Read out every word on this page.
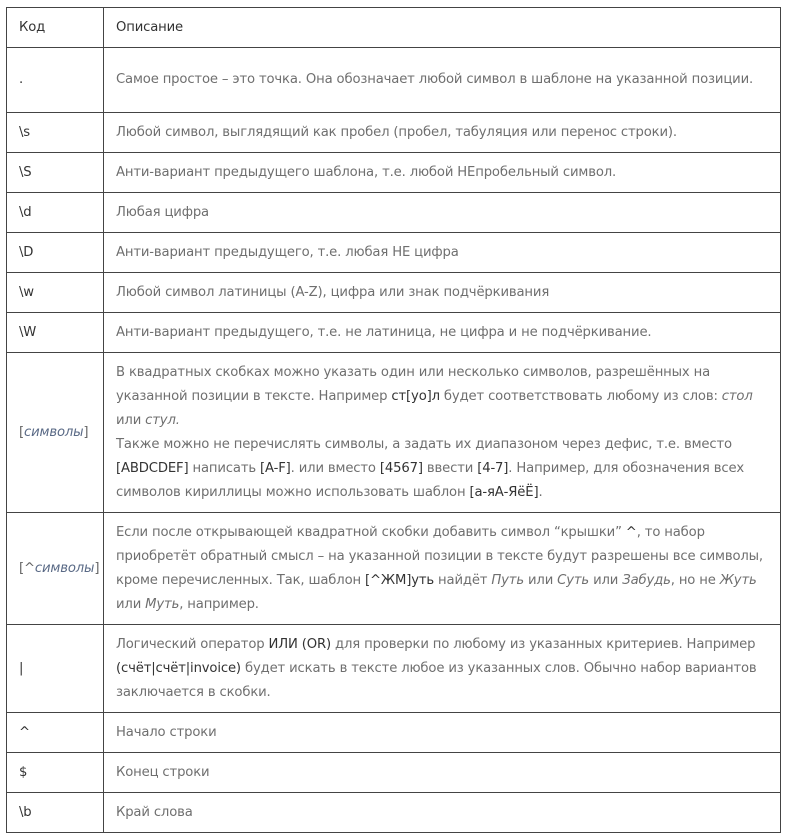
Код	Описание
.	Самое простое – это точка. Она обозначает любой символ в шаблоне на указанной позиции.
\s	Любой символ, выглядящий как пробел (пробел, табуляция или перенос строки).
\S	Анти-вариант предыдущего шаблона, т.е. любой НЕпробельный символ.
\d	Любая цифра
\D	Анти-вариант предыдущего, т.е. любая НЕ цифра
\w	Любой символ латиницы (A-Z), цифра или знак подчёркивания
\W	Анти-вариант предыдущего, т.е. не латиница, не цифра и не подчёркивание.
[символы]	В квадратных скобках можно указать один или несколько символов, разрешённых на указанной позиции в тексте. Например ст[уо]л будет соответствовать любому из слов: стол или стул.
Также можно не перечислять символы, а задать их диапазоном через дефис, т.е. вместо [ABDCDEF] написать [A-F]. или вместо [4567] ввести [4-7]. Например, для обозначения всех символов кириллицы можно использовать шаблон [а-яА-ЯёЁ].
[^символы]	Если после открывающей квадратной скобки добавить символ “крышки” ^, то набор приобретёт обратный смысл – на указанной позиции в тексте будут разрешены все символы, кроме перечисленных. Так, шаблон [^ЖМ]уть найдёт Путь или Суть или Забудь, но не Жуть или Муть, например.
|	Логический оператор ИЛИ (OR) для проверки по любому из указанных критериев. Например (счёт|счёт|invoice) будет искать в тексте любое из указанных слов. Обычно набор вариантов заключается в скобки.
^	Начало строки
$	Конец строки
\b	Край слова
